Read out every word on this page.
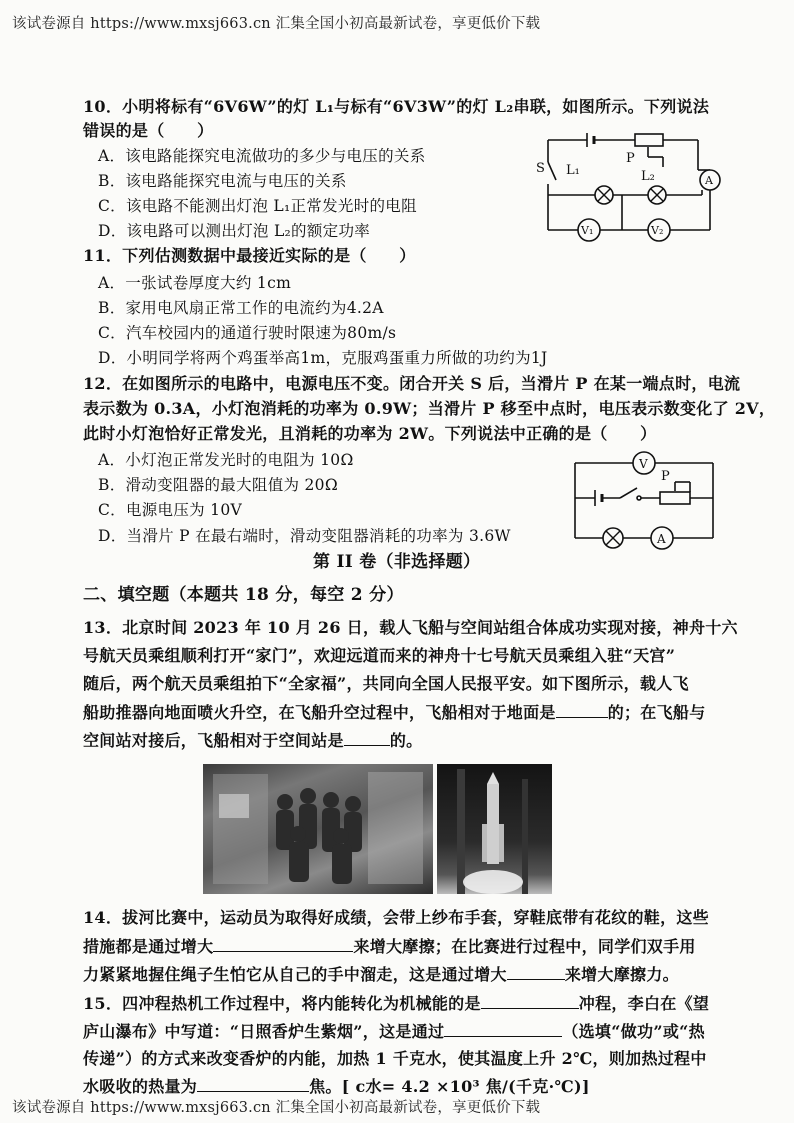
该试卷源自 https://www.mxsj663.cn 汇集全国小初高最新试卷，享更低价下载
10．小明将标有“6V6W”的灯 L₁与标有“6V3W”的灯 L₂串联，如图所示。下列说法
错误的是（　　）
A．该电路能探究电流做功的多少与电压的关系
B．该电路能探究电流与电压的关系
C．该电路不能测出灯泡 L₁正常发光时的电阻
D．该电路可以测出灯泡 L₂的额定功率
S L₁	L₂
P
A
V₁	V₂
11．下列估测数据中最接近实际的是（　　）
A．一张试卷厚度大约 1cm
B．家用电风扇正常工作的电流约为4.2A
C．汽车校园内的通道行驶时限速为80m/s
D．小明同学将两个鸡蛋举高1m，克服鸡蛋重力所做的功约为1J
12．在如图所示的电路中，电源电压不变。闭合开关 S 后，当滑片 P 在某一端点时，电流
表示数为 0.3A，小灯泡消耗的功率为 0.9W；当滑片 P 移至中点时，电压表示数变化了 2V，
此时小灯泡恰好正常发光，且消耗的功率为 2W。下列说法中正确的是（　　）
A．小灯泡正常发光时的电阻为 10Ω
B．滑动变阻器的最大阻值为 20Ω
C．电源电压为 10V
D．当滑片 P 在最右端时，滑动变阻器消耗的功率为 3.6W
V
P
A
第 II 卷（非选择题）
二、填空题（本题共 18 分，每空 2 分）
13．北京时间 2023 年 10 月 26 日，载人飞船与空间站组合体成功实现对接，神舟十六
号航天员乘组顺利打开“家门”，欢迎远道而来的神舟十七号航天员乘组入驻“天宫”
随后，两个航天员乘组拍下“全家福”，共同向全国人民报平安。如下图所示，载人飞
船助推器向地面喷火升空，在飞船升空过程中，飞船相对于地面是	的；在飞船与
空间站对接后，飞船相对于空间站是	的。
14．拔河比赛中，运动员为取得好成绩，会带上纱布手套，穿鞋底带有花纹的鞋，这些
措施都是通过增大	来增大摩擦；在比赛进行过程中，同学们双手用
力紧紧地握住绳子生怕它从自己的手中溜走，这是通过增大	来增大摩擦力。
15．四冲程热机工作过程中，将内能转化为机械能的是	冲程，李白在《望
庐山瀑布》中写道：“日照香炉生紫烟”，这是通过	（选填“做功”或“热
传递”）的方式来改变香炉的内能，加热 1 千克水，使其温度上升 2℃，则加热过程中
水吸收的热量为	焦。[ c水= 4.2 ×10³ 焦/(千克·℃)]
该试卷源自 https://www.mxsj663.cn 汇集全国小初高最新试卷，享更低价下载
